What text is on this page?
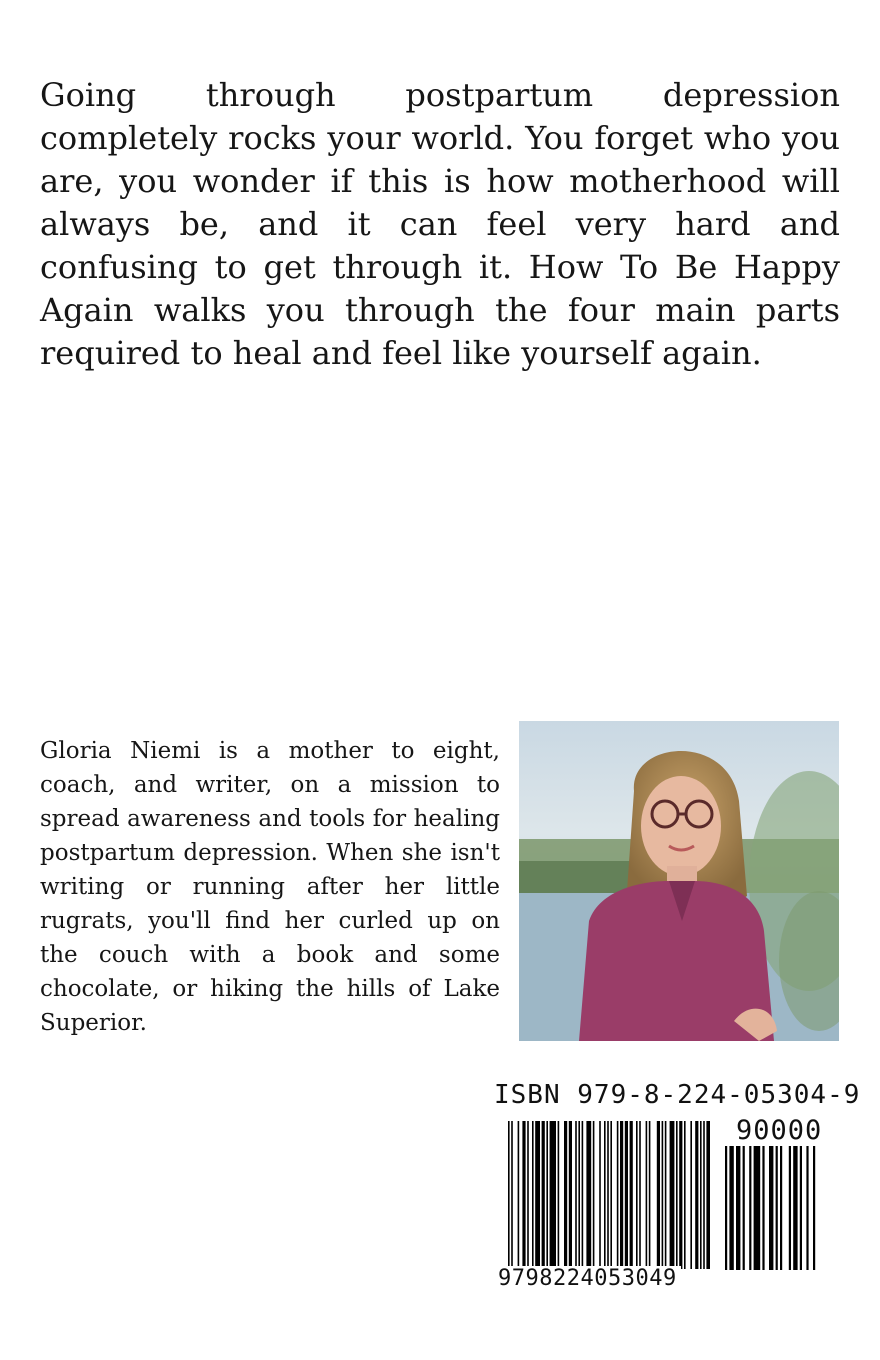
Going through postpartum depression completely rocks your world. You forget who you are, you wonder if this is how motherhood will always be, and it can feel very hard and confusing to get through it. How To Be Happy Again walks you through the four main parts required to heal and feel like yourself again.

Gloria Niemi is a mother to eight, coach, and writer, on a mission to spread awareness and tools for healing postpartum depression. When she isn't writing or running after her little rugrats, you'll find her curled up on the couch with a book and some chocolate, or hiking the hills of Lake Superior.

ISBN 979-8-224-05304-9
90000
9798224053049
